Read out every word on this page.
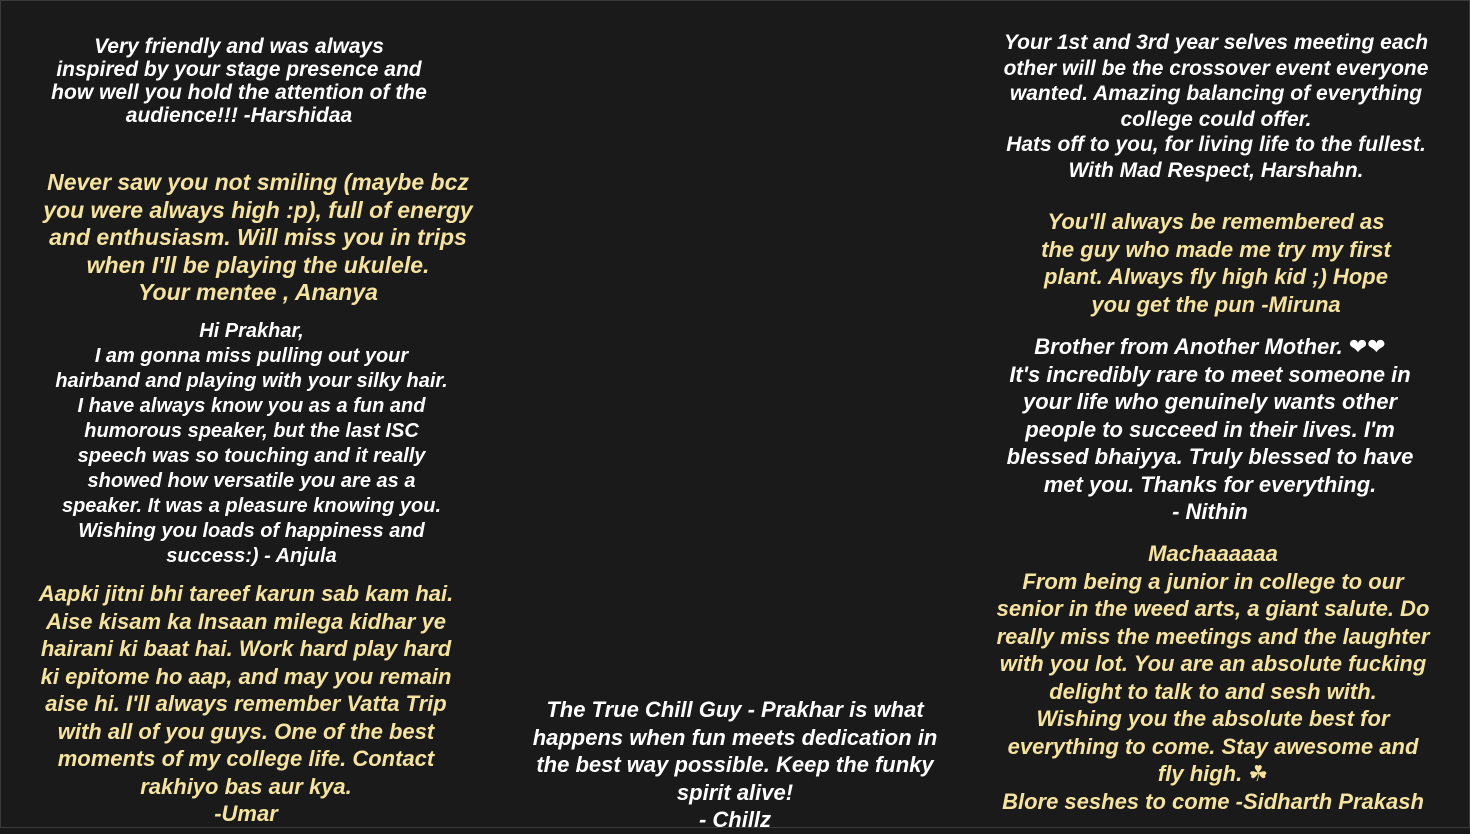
Very friendly and was always

inspired by your stage presence and

how well you hold the attention of the

audience!!! -Harshidaa

Never saw you not smiling (maybe bcz

you were always high :p), full of energy

and enthusiasm. Will miss you in trips

when I'll be playing the ukulele.

Your mentee , Ananya

Hi Prakhar,

I am gonna miss pulling out your

hairband and playing with your silky hair.

I have always know you as a fun and

humorous speaker, but the last ISC

speech was so touching and it really

showed how versatile you are as a

speaker. It was a pleasure knowing you.

Wishing you loads of happiness and

success:) - Anjula

Aapki jitni bhi tareef karun sab kam hai.

Aise kisam ka Insaan milega kidhar ye

hairani ki baat hai. Work hard play hard

ki epitome ho aap, and may you remain

aise hi. I'll always remember Vatta Trip

with all of you guys. One of the best

moments of my college life. Contact

rakhiyo bas aur kya.

-Umar

The True Chill Guy - Prakhar is what

happens when fun meets dedication in

the best way possible. Keep the funky

spirit alive!

- Chillz

Your 1st and 3rd year selves meeting each

other will be the crossover event everyone

wanted. Amazing balancing of everything

college could offer.

Hats off to you, for living life to the fullest.

With Mad Respect, Harshahn.

You'll always be remembered as

the guy who made me try my first

plant. Always fly high kid ;) Hope

you get the pun -Miruna

Brother from Another Mother. ❤❤

It's incredibly rare to meet someone in

your life who genuinely wants other

people to succeed in their lives. I'm

blessed bhaiyya. Truly blessed to have

met you. Thanks for everything.

- Nithin

Machaaaaaa

From being a junior in college to our

senior in the weed arts, a giant salute. Do

really miss the meetings and the laughter

with you lot. You are an absolute fucking

delight to talk to and sesh with.

Wishing you the absolute best for

everything to come. Stay awesome and

fly high. ☘

Blore seshes to come -Sidharth Prakash
